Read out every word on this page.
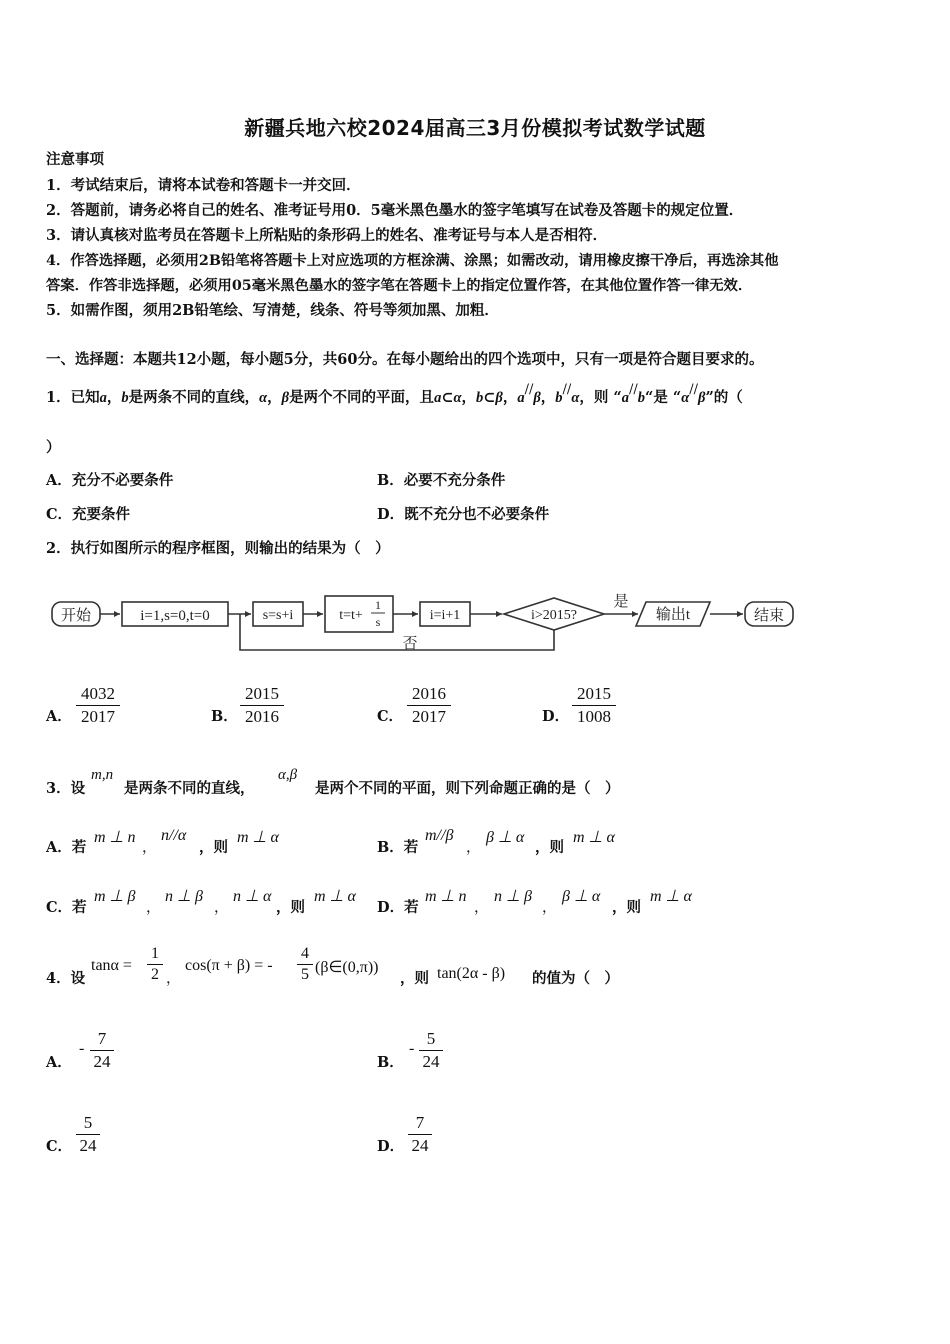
新疆兵地六校2024届高三3月份模拟考试数学试题
注意事项
1．考试结束后，请将本试卷和答题卡一并交回．
2．答题前，请务必将自己的姓名、准考证号用0．5毫米黑色墨水的签字笔填写在试卷及答题卡的规定位置．
3．请认真核对监考员在答题卡上所粘贴的条形码上的姓名、准考证号与本人是否相符．
4．作答选择题，必须用2B铅笔将答题卡上对应选项的方框涂满、涂黑；如需改动，请用橡皮擦干净后，再选涂其他
答案．作答非选择题，必须用05毫米黑色墨水的签字笔在答题卡上的指定位置作答，在其他位置作答一律无效．
5．如需作图，须用2B铅笔绘、写清楚，线条、符号等须加黑、加粗．
一、选择题：本题共12小题，每小题5分，共60分。在每小题给出的四个选项中，只有一项是符合题目要求的。
1．已知a，b是两条不同的直线，α，β是两个不同的平面，且a⊂α，b⊂β，a//β，b//α，则 “a//b“是 “α//β”的（
）
A．充分不必要条件	B．必要不充分条件
C．充要条件	D．既不充分也不必要条件
2．执行如图所示的程序框图，则输出的结果为（　）
开始	i=1,s=0,t=0	s=s+i	t=t+
1
s	i=i+1	i>2015?
是
否
输出t	结束
A． $\frac{4032}{2017}$	B． $\frac{2015}{2016}$	C． $\frac{2016}{2017}$	D． $\frac{2015}{1008}$
3．设
m,n
是两条不同的直线，
α,β
是两个不同的平面，则下列命题正确的是（　）
A．若
m ⊥ n
，
n//α
，则
m ⊥ α
B．若
m//β
，
β ⊥ α
，则
m ⊥ α
C．若
m ⊥ β
，
n ⊥ β
，
n ⊥ α
，则
m ⊥ α
D．若
m ⊥ n
，
n ⊥ β
，
β ⊥ α
，则
m ⊥ α
4．设
$\tan\alpha = \frac{1}{2}$ ，
cos(π + β) = - $\frac{4}{5}$ (β∈(0,π))
，则 tan(2α - β) 的值为（　）
A．
- $\frac{7}{24}$	B．
- $\frac{5}{24}$
C． $\frac{5}{24}$	D． $\frac{7}{24}$
